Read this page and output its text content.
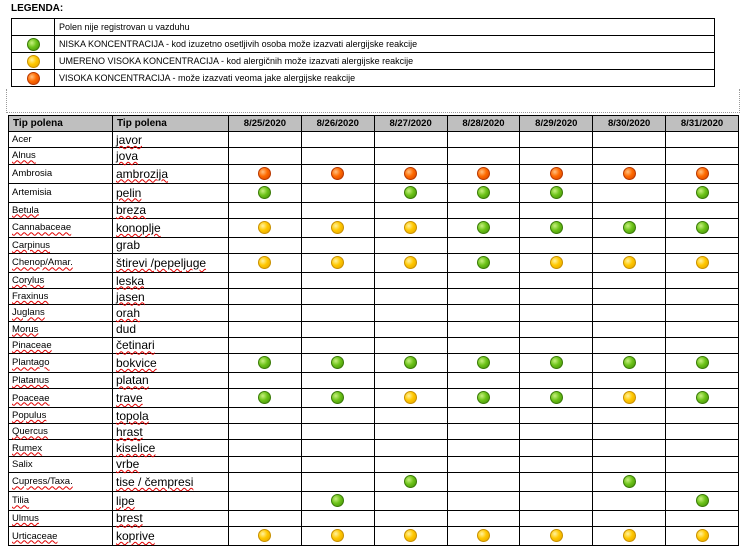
LEGENDA:
	Polen nije registrovan u vazduhu
	NISKA KONCENTRACIJA - kod izuzetno osetljivih osoba može izazvati alergijske reakcije
	UMERENO VISOKA KONCENTRACIJA - kod alergičnih može izazvati alergijske reakcije
	VISOKA KONCENTRACIJA - može izazvati veoma jake alergijske reakcije
Tip polena	Tip polena	8/25/2020	8/26/2020	8/27/2020	8/28/2020	8/29/2020	8/30/2020	8/31/2020
Acer	javor							
Alnus	jova							
Ambrosia	ambrozija							
Artemisia	pelin							
Betula	breza							
Cannabaceae	konoplje							
Carpinus	grab							
Chenop/Amar.	štirevi /pepeljuge							
Corylus	leska							
Fraxinus	jasen							
Juglans	orah							
Morus	dud							
Pinaceae	četinari							
Plantago	bokvice							
Platanus	platan							
Poaceae	trave							
Populus	topola							
Quercus	hrast							
Rumex	kiselice							
Salix	vrbe							
Cupress/Taxa.	tise / čempresi							
Tilia	lipe							
Ulmus	brest							
Urticaceae	koprive							
